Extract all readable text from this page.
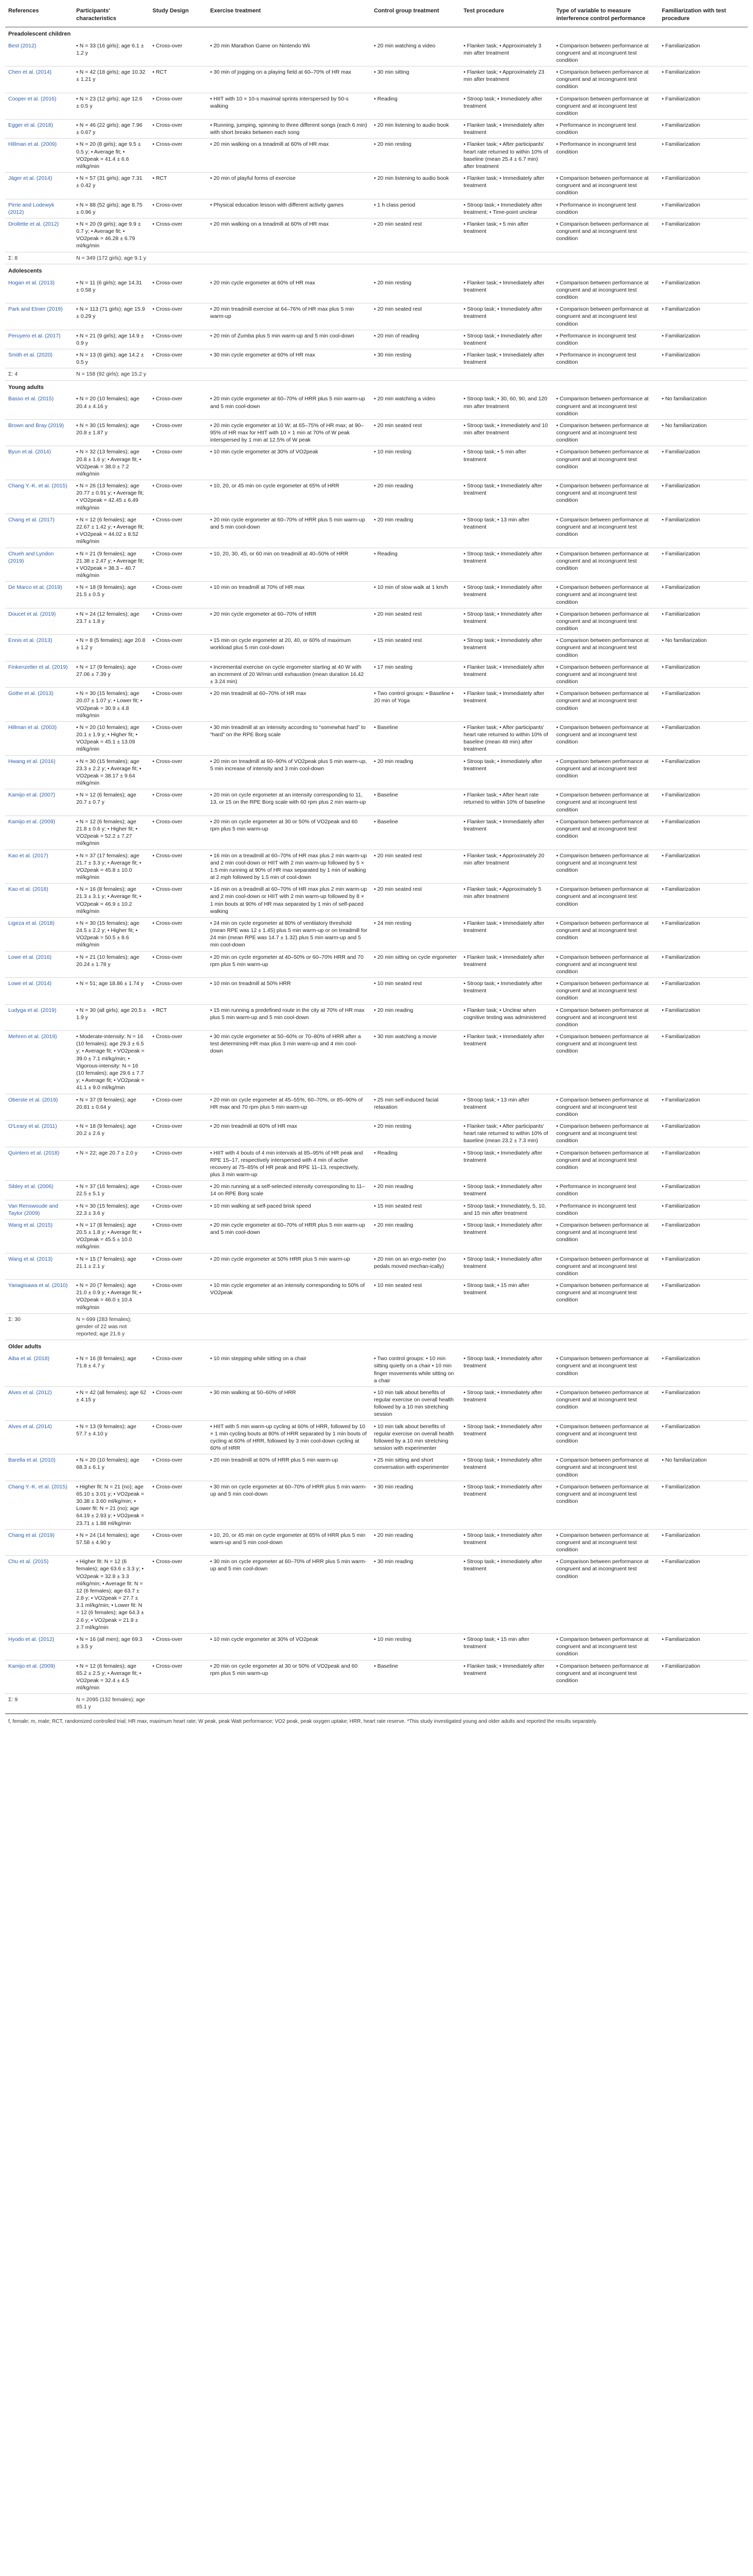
References	Participants' characteristics	Study Design	Exercise treatment	Control group treatment	Test procedure	Type of variable to measure interference control performance	Familiarization with test procedure
Preadolescent children							
Best (2012)	• N = 33 (16 girls); age 6.1 ± 1.2 y	• Cross-over	• 20 min Marathon Game on Nintendo Wii	• 20 min watching a video	• Flanker task; • Approximately 3 min after treatment	• Comparison between performance at congruent and at incongruent test condition	• Familiarization
Chen et al. (2014)	• N = 42 (18 girls); age 10.32 ± 1.21 y	• RCT	• 30 min of jogging on a playing field at 60–70% of HR max	• 30 min sitting	• Flanker task; • Approximately 23 min after treatment	• Comparison between performance at congruent and at incongruent test condition	• Familiarization
Cooper et al. (2016)	• N = 23 (12 girls); age 12.6 ± 0.5 y	• Cross-over	• HIIT with 10 × 10-s maximal sprints interspersed by 50-s walking	• Reading	• Stroop task; • Immediately after treatment	• Comparison between performance at congruent and at incongruent test condition	• Familiarization
Egger et al. (2018)	• N = 46 (22 girls); age 7.96 ± 0.67 y	• Cross-over	• Running, jumping, spinning to three different songs (each 6 min) with short breaks between each song	• 20 min listening to audio book	• Flanker task; • Immediately after treatment	• Performance in incongruent test condition	• Familiarization
Hillman et al. (2009)	• N = 20 (8 girls); age 9.5 ± 0.5 y; • Average fit; • VO2peak = 41.4 ± 6.6 ml/kg/min	• Cross-over	• 20 min walking on a treadmill at 60% of HR max	• 20 min resting	• Flanker task; • After participants' heart rate returned to within 10% of baseline (mean 25.4 ± 6.7 min) after treatment	• Performance in incongruent test condition	• Familiarization
Jäger et al. (2014)	• N = 57 (31 girls); age 7.31 ± 0.42 y	• RCT	• 20 min of playful forms of exercise	• 20 min listening to audio book	• Flanker task; • Immediately after treatment	• Comparison between performance at congruent and at incongruent test condition	• Familiarization
Pirrie and Lodewyk (2012)	• N = 88 (52 girls); age 8.75 ± 0.96 y	• Cross-over	• Physical education lesson with different activity games	• 1 h class period	• Stroop task; • Immediately after treatment; • Time-point unclear	• Performance in incongruent test condition	• Familiarization
Drollette et al. (2012)	• N = 20 (9 girls); age 9.9 ± 0.7 y; • Average fit; • VO2peak = 46.28 ± 6.79 ml/kg/min	• Cross-over	• 20 min walking on a treadmill at 60% of HR max	• 20 min seated rest	• Flanker task; • 5 min after treatment	• Comparison between performance at congruent and at incongruent test condition	• Familiarization
Σ: 8	N = 349 (172 girls); age 9.1 y						
Adolescents							
Hogan et al. (2013)	• N = 11 (6 girls); age 14.31 ± 0.58 y	• Cross-over	• 20 min cycle ergometer at 60% of HR max	• 20 min resting	• Flanker task; • Immediately after treatment	• Comparison between performance at congruent and at incongruent test condition	• Familiarization
Park and Etnier (2019)	• N = 113 (71 girls); age 15.9 ± 0.29 y	• Cross-over	• 20 min treadmill exercise at 64–76% of HR max plus 5 min warm-up	• 20 min seated rest	• Stroop task; • Immediately after treatment	• Comparison between performance at congruent and at incongruent test condition	• Familiarization
Peruyero et al. (2017)	• N = 21 (9 girls); age 14.9 ± 0.9 y	• Cross-over	• 20 min of Zumba plus 5 min warm-up and 5 min cool-down	• 20 min of reading	• Stroop task; • Immediately after treatment	• Performance in incongruent test condition	• Familiarization
Smith et al. (2020)	• N = 13 (6 girls); age 14.2 ± 0.5 y	• Cross-over	• 30 min cycle ergometer at 60% of HR max	• 30 min resting	• Flanker task; • Immediately after treatment	• Performance in incongruent test condition	• Familiarization
Σ: 4	N = 158 (92 girls); age 15.2 y						
Young adults							
Basso et al. (2015)	• N = 20 (10 females); age 20.4 ± 4.16 y	• Cross-over	• 20 min cycle ergometer at 60–70% of HRR plus 5 min warm-up and 5 min cool-down	• 20 min watching a video	• Stroop task; • 30, 60, 90, and 120 min after treatment	• Comparison between performance at congruent and at incongruent test condition	• No familiarization
Brown and Bray (2019)	• N = 30 (15 females); age 20.8 ± 1.87 y	• Cross-over	• 20 min cycle ergometer at 10 W; at 65–75% of HR max; at 90–95% of HR max for HIIT with 10 × 1 min at 70% of W peak interspersed by 1 min at 12.5% of W peak	• 20 min seated rest	• Stroop task; • Immediately and 10 min after treatment	• Comparison between performance at congruent and at incongruent test condition	• No familiarization
Byun et al. (2014)	• N = 32 (13 females); age 20.8 ± 1.6 y; • Average fit; • VO2peak = 38.0 ± 7.2 ml/kg/min	• Cross-over	• 10 min cycle ergometer at 30% of VO2peak	• 10 min resting	• Stroop task; • 5 min after treatment	• Comparison between performance at congruent and at incongruent test condition	• Familiarization
Chang Y.-K. et al. (2015)	• N = 26 (13 females); age 20.77 ± 0.91 y; • Average fit; • VO2peak = 42.45 ± 6.49 ml/kg/min	• Cross-over	• 10, 20, or 45 min on cycle ergometer at 65% of HRR	• 20 min reading	• Stroop task; • Immediately after treatment	• Comparison between performance at congruent and at incongruent test condition	• Familiarization
Chang et al. (2017)	• N = 12 (6 females); age 22.67 ± 1.42 y; • Average fit; • VO2peak = 44.02 ± 8.52 ml/kg/min	• Cross-over	• 20 min cycle ergometer at 60–70% of HRR plus 5 min warm-up and 5 min cool-down	• 20 min reading	• Stroop task; • 13 min after treatment	• Comparison between performance at congruent and at incongruent test condition	• Familiarization
Chueh and Lyndon (2019)	• N = 21 (9 females); age 21.38 ± 2.47 y; • Average fit; • VO2peak = 38.3 – 40.7 ml/kg/min	• Cross-over	• 10, 20, 30, 45, or 60 min on treadmill at 40–50% of HRR	• Reading	• Stroop task; • Immediately after treatment	• Comparison between performance at congruent and at incongruent test condition	• Familiarization
De Marco et al. (2019)	• N = 18 (9 females); age 21.5 ± 0.5 y	• Cross-over	• 10 min on treadmill at 70% of HR max	• 10 min of slow walk at 1 km/h	• Stroop task; • Immediately after treatment	• Comparison between performance at congruent and at incongruent test condition	• Familiarization
Doucet et al. (2019)	• N = 24 (12 females); age 23.7 ± 1.8 y	• Cross-over	• 20 min cycle ergometer at 60–70% of HRR	• 20 min seated rest	• Stroop task; • Immediately after treatment	• Comparison between performance at congruent and at incongruent test condition	• Familiarization
Ennis et al. (2013)	• N = 8 (5 females); age 20.8 ± 1.2 y	• Cross-over	• 15 min on cycle ergometer at 20, 40, or 60% of maximum workload plus 5 min cool-down	• 15 min seated rest	• Stroop task; • Immediately after treatment	• Comparison between performance at congruent and at incongruent test condition	• No familiarization
Finkenzeller et al. (2019)	• N = 17 (9 females); age 27.06 ± 7.39 y	• Cross-over	• Incremental exercise on cycle ergometer starting at 40 W with an increment of 20 W/min until exhaustion (mean duration 16.42 ± 3.24 min)	• 17 min seating	• Flanker task; • Immediately after treatment	• Comparison between performance at congruent and at incongruent test condition	• Familiarization
Gothe et al. (2013)	• N = 30 (15 females); age 20.07 ± 1.07 y; • Lower fit; • VO2peak = 30.9 ± 4.8 ml/kg/min	• Cross-over	• 20 min treadmill at 60–70% of HR max	• Two control groups: • Baseline • 20 min of Yoga	• Flanker task; • Immediately after treatment	• Comparison between performance at congruent and at incongruent test condition	• Familiarization
Hillman et al. (2003)	• N = 20 (10 females); age 20.1 ± 1.9 y; • Higher fit; • VO2peak = 45.1 ± 13.09 ml/kg/min	• Cross-over	• 30 min treadmill at an intensity according to “somewhat hard” to “hard” on the RPE Borg scale	• Baseline	• Flanker task; • After participants' heart rate returned to within 10% of baseline (mean 48 min) after treatment	• Comparison between performance at congruent and at incongruent test condition	• Familiarization
Hwang et al. (2016)	• N = 30 (15 females); age 23.3 ± 2.2 y; • Average fit; • VO2peak = 38.17 ± 9.64 ml/kg/min	• Cross-over	• 20 min on treadmill at 60–90% of VO2peak plus 5 min warm-up, 5 min increase of intensity and 3 min cool-down	• 20 min reading	• Stroop task; • Immediately after treatment	• Comparison between performance at congruent and at incongruent test condition	• Familiarization
Kamijo et al. (2007)	• N = 12 (6 females); age 20.7 ± 0.7 y	• Cross-over	• 20 min on cycle ergometer at an intensity corresponding to 11, 13, or 15 on the RPE Borg scale with 60 rpm plus 2 min warm-up	• Baseline	• Flanker task; • After heart rate returned to within 10% of baseline	• Comparison between performance at congruent and at incongruent test condition	• Familiarization
Kamijo et al. (2009)	• N = 12 (6 females); age 21.8 ± 0.6 y; • Higher fit; • VO2peak = 52.2 ± 7.27 ml/kg/min	• Cross-over	• 20 min on cycle ergometer at 30 or 50% of VO2peak and 60 rpm plus 5 min warm-up	• Baseline	• Flanker task; • Immediately after treatment	• Comparison between performance at congruent and at incongruent test condition	• Familiarization
Kao et al. (2017)	• N = 37 (17 females); age 21.7 ± 3.3 y; • Average fit; • VO2peak = 45.8 ± 10.0 ml/kg/min	• Cross-over	• 16 min on a treadmill at 60–70% of HR max plus 2 min warm-up and 2 min cool-down or HIIT with 2 min warm-up followed by 5 × 1.5 min running at 90% of HR max separated by 1 min of walking at 2 mph followed by 1.5 min of cool-down	• 20 min seated rest	• Flanker task; • Approximately 20 min after treatment	• Comparison between performance at congruent and at incongruent test condition	• Familiarization
Kao et al. (2018)	• N = 16 (8 females); age 21.3 ± 3.1 y; • Average fit; • VO2peak = 46.9 ± 10.2 ml/kg/min	• Cross-over	• 16 min on a treadmill at 60–70% of HR max plus 2 min warm-up and 2 min cool-down or HIIT with 2 min warm-up followed by 8 × 1 min bouts at 90% of HR max separated by 1 min of self-paced walking	• 20 min seated rest	• Flanker task; • Approximately 5 min after treatment	• Comparison between performance at congruent and at incongruent test condition	• Familiarization
Ligeza et al. (2018)	• N = 30 (15 females); age 24.5 ± 2.2 y; • Higher fit; • VO2peak = 50.5 ± 8.6 ml/kg/min	• Cross-over	• 24 min on cycle ergometer at 80% of ventilatory threshold (mean RPE was 12 ± 1.45) plus 5 min warm-up or on treadmill for 24 min (mean RPE was 14.7 ± 1.32) plus 5 min warm-up and 5 min cool-down	• 24 min resting	• Flanker task; • Immediately after treatment	• Comparison between performance at congruent and at incongruent test condition	• Familiarization
Lowe et al. (2016)	• N = 21 (10 females); age 20.24 ± 1.78 y	• Cross-over	• 20 min on cycle ergometer at 40–50% or 60–70% HRR and 70 rpm plus 5 min warm-up	• 20 min sitting on cycle ergometer	• Flanker task; • Immediately after treatment	• Comparison between performance at congruent and at incongruent test condition	• Familiarization
Lowe et al. (2014)	• N = 51; age 18.86 ± 1.74 y	• Cross-over	• 10 min on treadmill at 50% HRR	• 10 min seated rest	• Stroop task; • Immediately after treatment	• Comparison between performance at congruent and at incongruent test condition	• Familiarization
Ludyga et al. (2019)	• N = 30 (all girls); age 20.5 ± 1.9 y	• RCT	• 15 min running a predefined route in the city at 70% of HR max plus 5 min warm-up and 5 min cool-down	• 20 min reading	• Flanker task; • Unclear when cognitive testing was administered	• Comparison between performance at congruent and at incongruent test condition	• Familiarization
Mehren et al. (2019)	• Moderate-intensity: N = 16 (10 females); age 29.3 ± 6.5 y; • Average fit; • VO2peak = 39.0 ± 7.1 ml/kg/min; • Vigorous-intensity: N = 16 (10 females); age 29.6 ± 7.7 y; • Average fit; • VO2peak = 41.1 ± 9.0 ml/kg/min	• Cross-over	• 30 min cycle ergometer at 50–60% or 70–80% of HRR after a test determining HR max plus 3 min warm-up and 4 min cool-down	• 30 min watching a movie	• Flanker task; • Immediately after treatment	• Comparison between performance at congruent and at incongruent test condition	• Familiarization
Oberste et al. (2019)	• N = 37 (9 females); age 20.81 ± 0.64 y	• Cross-over	• 20 min on cycle ergometer at 45–55%, 60–70%, or 85–90% of HR max and 70 rpm plus 5 min warm-up	• 25 min self-induced facial relaxation	• Stroop task; • 13 min after treatment	• Comparison between performance at congruent and at incongruent test condition	• Familiarization
O'Leary et al. (2011)	• N = 18 (9 females); age 20.2 ± 2.6 y	• Cross-over	• 20 min treadmill at 60% of HR max	• 20 min resting	• Flanker task; • After participants' heart rate returned to within 10% of baseline (mean 23.2 ± 7.3 min)	• Comparison between performance at congruent and at incongruent test condition	• Familiarization
Quintero et al. (2018)	• N = 22; age 20.7 ± 2.0 y	• Cross-over	• HIIT with 4 bouts of 4 min intervals at 85–95% of HR peak and RPE 15–17, respectively interspersed with 4 min of active recovery at 75–85% of HR peak and RPE 11–13, respectively, plus 3 min warm-up	• Reading	• Stroop task; • Immediately after treatment	• Comparison between performance at congruent and at incongruent test condition	• Familiarization
Sibley et al. (2006)	• N = 37 (16 females); age 22.5 ± 5.1 y	• Cross-over	• 20 min running at a self-selected intensity corresponding to 11–14 on RPE Borg scale	• 20 min reading	• Stroop task; • Immediately after treatment	• Performance in incongruent test condition	• Familiarization
Van Renswoude and Taylor (2009)	• N = 30 (15 females); age 22.3 ± 3.6 y	• Cross-over	• 10 min walking at self-paced brisk speed	• 15 min seated rest	• Stroop task; • Immediately, 5, 10, and 15 min after treatment	• Performance in incongruent test condition	• Familiarization
Wang et al. (2015)	• N = 17 (8 females); age 20.5 ± 1.8 y; • Average fit; • VO2peak = 45.5 ± 10.0 ml/kg/min	• Cross-over	• 20 min cycle ergometer at 60–70% of HRR plus 5 min warm-up and 5 min cool-down	• 20 min reading	• Stroop task; • Immediately after treatment	• Comparison between performance at congruent and at incongruent test condition	• Familiarization
Wang et al. (2013)	• N = 15 (7 females); age 21.1 ± 2.1 y	• Cross-over	• 20 min cycle ergometer at 50% HRR plus 5 min warm-up	• 20 min on an ergo-meter (no pedals moved mechan-ically)	• Stroop task; • Immediately after treatment	• Comparison between performance at congruent and at incongruent test condition	• Familiarization
Yanagisawa et al. (2010)	• N = 20 (7 females); age 21.0 ± 0.9 y; • Average fit; • VO2peak = 46.0 ± 10.4 ml/kg/min	• Cross-over	• 10 min cycle ergometer at an intensity corresponding to 50% of VO2peak	• 10 min seated rest	• Stroop task; • 15 min after treatment	• Comparison between performance at congruent and at incongruent test condition	• Familiarization
Σ: 30	N = 699 (283 females); gender of 22 was not reported; age 21.6 y						
Older adults							
Aiba et al. (2018)	• N = 16 (8 females); age 71.8 ± 4.7 y	• Cross-over	• 10 min stepping while sitting on a chair	• Two control groups: • 10 min sitting quietly on a chair • 10 min finger movements while sitting on a chair	• Stroop task; • Immediately after treatment	• Comparison between performance at congruent and at incongruent test condition	• Familiarization
Alves et al. (2012)	• N = 42 (all females); age 62 ± 4.15 y	• Cross-over	• 30 min walking at 50–60% of HRR	• 10 min talk about benefits of regular exercise on overall health followed by a 10 min stretching session	• Stroop task; • Immediately after treatment	• Comparison between performance at congruent and at incongruent test condition	• Familiarization
Alves et al. (2014)	• N = 13 (9 females); age 57.7 ± 4.10 y	• Cross-over	• HIIT with 5 min warm-up cycling at 60% of HRR, followed by 10 × 1 min cycling bouts at 80% of HRR separated by 1 min bouts of cycling at 60% of HRR, followed by 3 min cool-down cycling at 60% of HRR	• 10 min talk about benefits of regular exercise on overall health followed by a 10 min stretching session with experimenter	• Stroop task; • Immediately after treatment	• Comparison between performance at congruent and at incongruent test condition	• Familiarization
Barella et al. (2010)	• N = 20 (10 females); age 68.3 ± 6.1 y	• Cross-over	• 20 min treadmill at 60% of HRR plus 5 min warm-up	• 25 min sitting and short conversation with experimenter	• Stroop task; • Immediately after treatment	• Comparison between performance at congruent and at incongruent test condition	• No familiarization
Chang Y.-K. et al. (2015)	• Higher fit: N = 21 (no); age 65.10 ± 3.01 y; • VO2peak = 30.38 ± 3.60 ml/kg/min; • Lower fit: N = 21 (no); age 64.19 ± 2.93 y; • VO2peak = 23.71 ± 1.88 ml/kg/min	• Cross-over	• 30 min on cycle ergometer at 60–70% of HRR plus 5 min warm-up and 5 min cool-down	• 30 min reading	• Stroop task; • Immediately after treatment	• Comparison between performance at congruent and at incongruent test condition	• Familiarization
Chang et al. (2019)	• N = 24 (14 females); age 57.58 ± 4.90 y	• Cross-over	• 10, 20, or 45 min on cycle ergometer at 65% of HRR plus 5 min warm-up and 5 min cool-down	• 20 min reading	• Stroop task; • Immediately after treatment	• Comparison between performance at congruent and at incongruent test condition	• Familiarization
Chu et al. (2015)	• Higher fit: N = 12 (6 females); age 63.6 ± 3.3 y; • VO2peak = 32.8 ± 3.3 ml/kg/min; • Average fit: N = 12 (6 females); age 63.7 ± 2.8 y; • VO2peak = 27.7 ± 3.1 ml/kg/min; • Lower fit: N = 12 (6 females); age 64.3 ± 2.6 y; • VO2peak = 21.9 ± 2.7 ml/kg/min	• Cross-over	• 30 min on cycle ergometer at 60–70% of HRR plus 5 min warm-up and 5 min cool-down	• 30 min reading	• Stroop task; • Immediately after treatment	• Comparison between performance at congruent and at incongruent test condition	• Familiarization
Hyodo et al. (2012)	• N = 16 (all men); age 69.3 ± 3.5 y	• Cross-over	• 10 min cycle ergometer at 30% of VO2peak	• 10 min resting	• Stroop task; • 15 min after treatment	• Comparison between performance at congruent and at incongruent test condition	• Familiarization
Kamijo et al. (2009)	• N = 12 (6 females); age 65.2 ± 2.5 y; • Average fit; • VO2peak = 32.4 ± 4.5 ml/kg/min	• Cross-over	• 20 min on cycle ergometer at 30 or 50% of VO2peak and 60 rpm plus 5 min warm-up	• Baseline	• Flanker task; • Immediately after treatment	• Comparison between performance at congruent and at incongruent test condition	• Familiarization
Σ: 9	N = 2095 (132 females); age 65.1 y						
f, female; m, male; RCT, randomized controlled trial; HR max, maximum heart rate; W peak, peak Watt performance; VO2 peak, peak oxygen uptake; HRR, heart rate reserve. *This study investigated young and older adults and reported the results separately.
